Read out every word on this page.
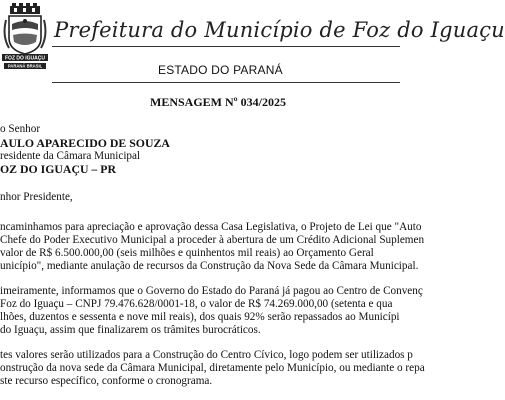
FOZ DO IGUAÇU
PARANÁ BRASIL
Prefeitura do Município de Foz do Iguaçu
ESTADO DO PARANÁ
MENSAGEM Nº 034/2025
o Senhor
AULO APARECIDO DE SOUZA
residente da Câmara Municipal
OZ DO IGUAÇU – PR
nhor Presidente,
ncaminhamos para apreciação e aprovação dessa Casa Legislativa, o Projeto de Lei que "Auto
Chefe do Poder Executivo Municipal a proceder à abertura de um Crédito Adicional Suplemen
valor de R$ 6.500.000,00 (seis milhões e quinhentos mil reais) ao Orçamento Geral
unicípio", mediante anulação de recursos da Construção da Nova Sede da Câmara Municipal.
imeiramente, informamos que o Governo do Estado do Paraná já pagou ao Centro de Convenç
Foz do Iguaçu – CNPJ 79.476.628/0001-18, o valor de R$ 74.269.000,00 (setenta e qua
lhões, duzentos e sessenta e nove mil reais), dos quais 92% serão repassados ao Municípi
do Iguaçu, assim que finalizarem os trâmites burocráticos.
tes valores serão utilizados para a Construção do Centro Cívico, logo podem ser utilizados p
onstrução da nova sede da Câmara Municipal, diretamente pelo Município, ou mediante o repa
ste recurso específico, conforme o cronograma.
